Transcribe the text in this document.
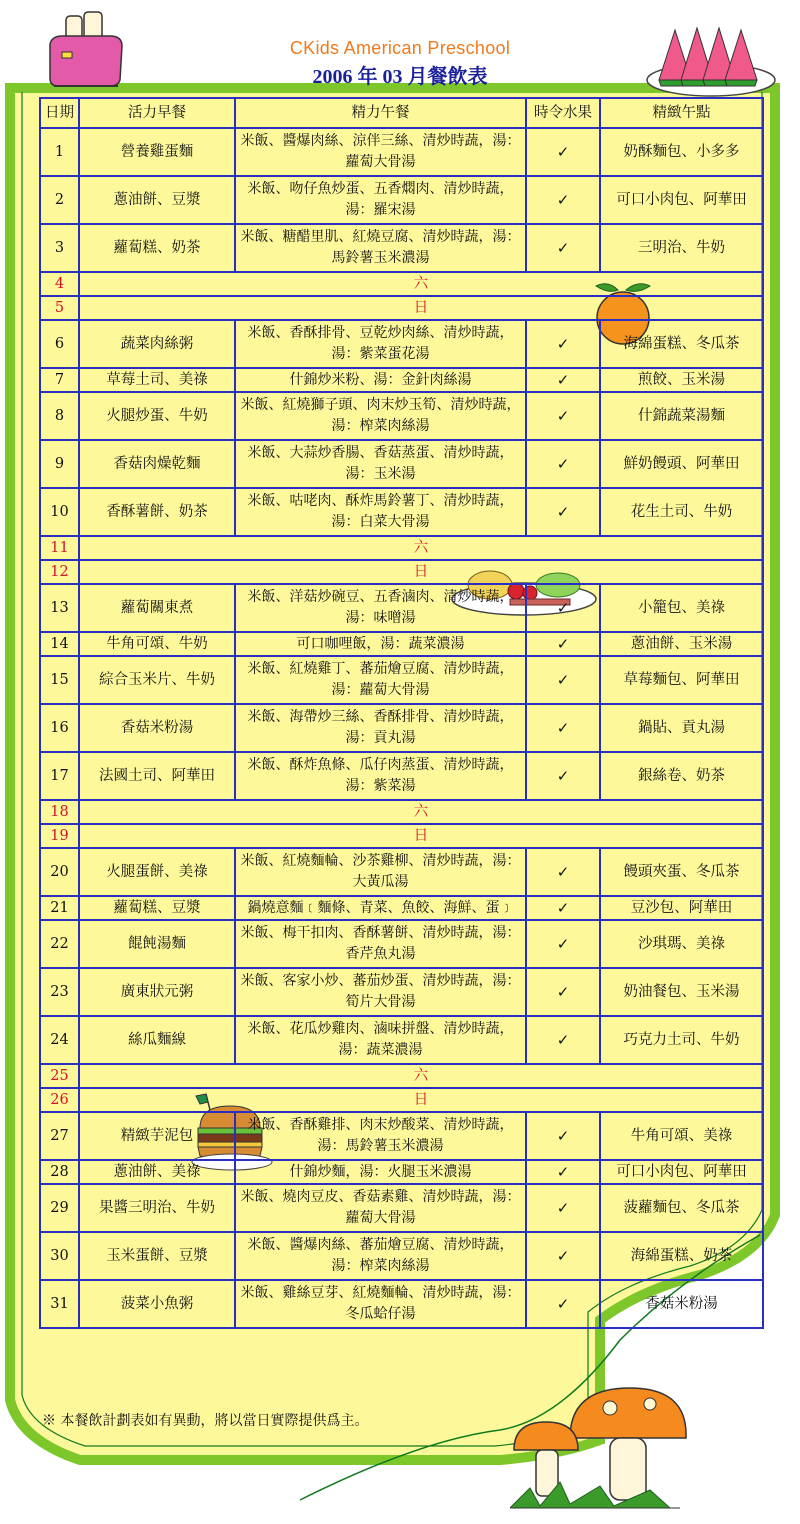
CKids American Preschool
2006 年 03 月餐飲表
日期	活力早餐	精力午餐	時令水果	精緻午點
1	營養雞蛋麵	米飯、醬爆肉絲、涼伴三絲、清炒時蔬，湯：蘿蔔大骨湯	✓	奶酥麵包、小多多
2	蔥油餅、豆漿	米飯、吻仔魚炒蛋、五香燜肉、清炒時蔬，湯：羅宋湯	✓	可口小肉包、阿華田
3	蘿蔔糕、奶茶	米飯、糖醋里肌、紅燒豆腐、清炒時蔬，湯：馬鈴薯玉米濃湯	✓	三明治、牛奶
4	六			
5	日			
6	蔬菜肉絲粥	米飯、香酥排骨、豆乾炒肉絲、清炒時蔬，湯：紫菜蛋花湯	✓	海綿蛋糕、冬瓜茶
7	草莓土司、美祿	什錦炒米粉、湯：金針肉絲湯	✓	煎餃、玉米湯
8	火腿炒蛋、牛奶	米飯、紅燒獅子頭、肉末炒玉筍、清炒時蔬，湯：榨菜肉絲湯	✓	什錦蔬菜湯麵
9	香菇肉燥乾麵	米飯、大蒜炒香腸、香菇蒸蛋、清炒時蔬，湯：玉米湯	✓	鮮奶饅頭、阿華田
10	香酥薯餅、奶茶	米飯、咕咾肉、酥炸馬鈴薯丁、清炒時蔬，湯：白菜大骨湯	✓	花生土司、牛奶
11	六			
12	日			
13	蘿蔔關東煮	米飯、洋菇炒碗豆、五香滷肉、清炒時蔬，湯：味噌湯	✓	小籠包、美祿
14	牛角可頌、牛奶	可口咖哩飯，湯：蔬菜濃湯	✓	蔥油餅、玉米湯
15	綜合玉米片、牛奶	米飯、紅燒雞丁、蕃茄燴豆腐、清炒時蔬，湯：蘿蔔大骨湯	✓	草莓麵包、阿華田
16	香菇米粉湯	米飯、海帶炒三絲、香酥排骨、清炒時蔬，湯：貢丸湯	✓	鍋貼、貢丸湯
17	法國土司、阿華田	米飯、酥炸魚條、瓜仔肉蒸蛋、清炒時蔬，湯：紫菜湯	✓	銀絲卷、奶茶
18	六			
19	日			
20	火腿蛋餅、美祿	米飯、紅燒麵輪、沙茶雞柳、清炒時蔬，湯：大黃瓜湯	✓	饅頭夾蛋、冬瓜茶
21	蘿蔔糕、豆漿	鍋燒意麵﹝麵條、青菜、魚餃、海鮮、蛋﹞	✓	豆沙包、阿華田
22	餛飩湯麵	米飯、梅干扣肉、香酥薯餅、清炒時蔬，湯：香芹魚丸湯	✓	沙琪瑪、美祿
23	廣東狀元粥	米飯、客家小炒、蕃茄炒蛋、清炒時蔬，湯：筍片大骨湯	✓	奶油餐包、玉米湯
24	絲瓜麵線	米飯、花瓜炒雞肉、滷味拼盤、清炒時蔬，湯：蔬菜濃湯	✓	巧克力土司、牛奶
25	六			
26	日			
27	精緻芋泥包	米飯、香酥雞排、肉末炒酸菜、清炒時蔬，湯：馬鈴薯玉米濃湯	✓	牛角可頌、美祿
28	蔥油餅、美祿	什錦炒麵，湯：火腿玉米濃湯	✓	可口小肉包、阿華田
29	果醬三明治、牛奶	米飯、燒肉豆皮、香菇素雞、清炒時蔬，湯：蘿蔔大骨湯	✓	菠蘿麵包、冬瓜茶
30	玉米蛋餅、豆漿	米飯、醬爆肉絲、蕃茄燴豆腐、清炒時蔬，湯：榨菜肉絲湯	✓	海綿蛋糕、奶茶
31	菠菜小魚粥	米飯、雞絲豆芽、紅燒麵輪、清炒時蔬，湯：冬瓜蛤仔湯	✓	香菇米粉湯
※ 本餐飲計劃表如有異動，將以當日實際提供爲主。
